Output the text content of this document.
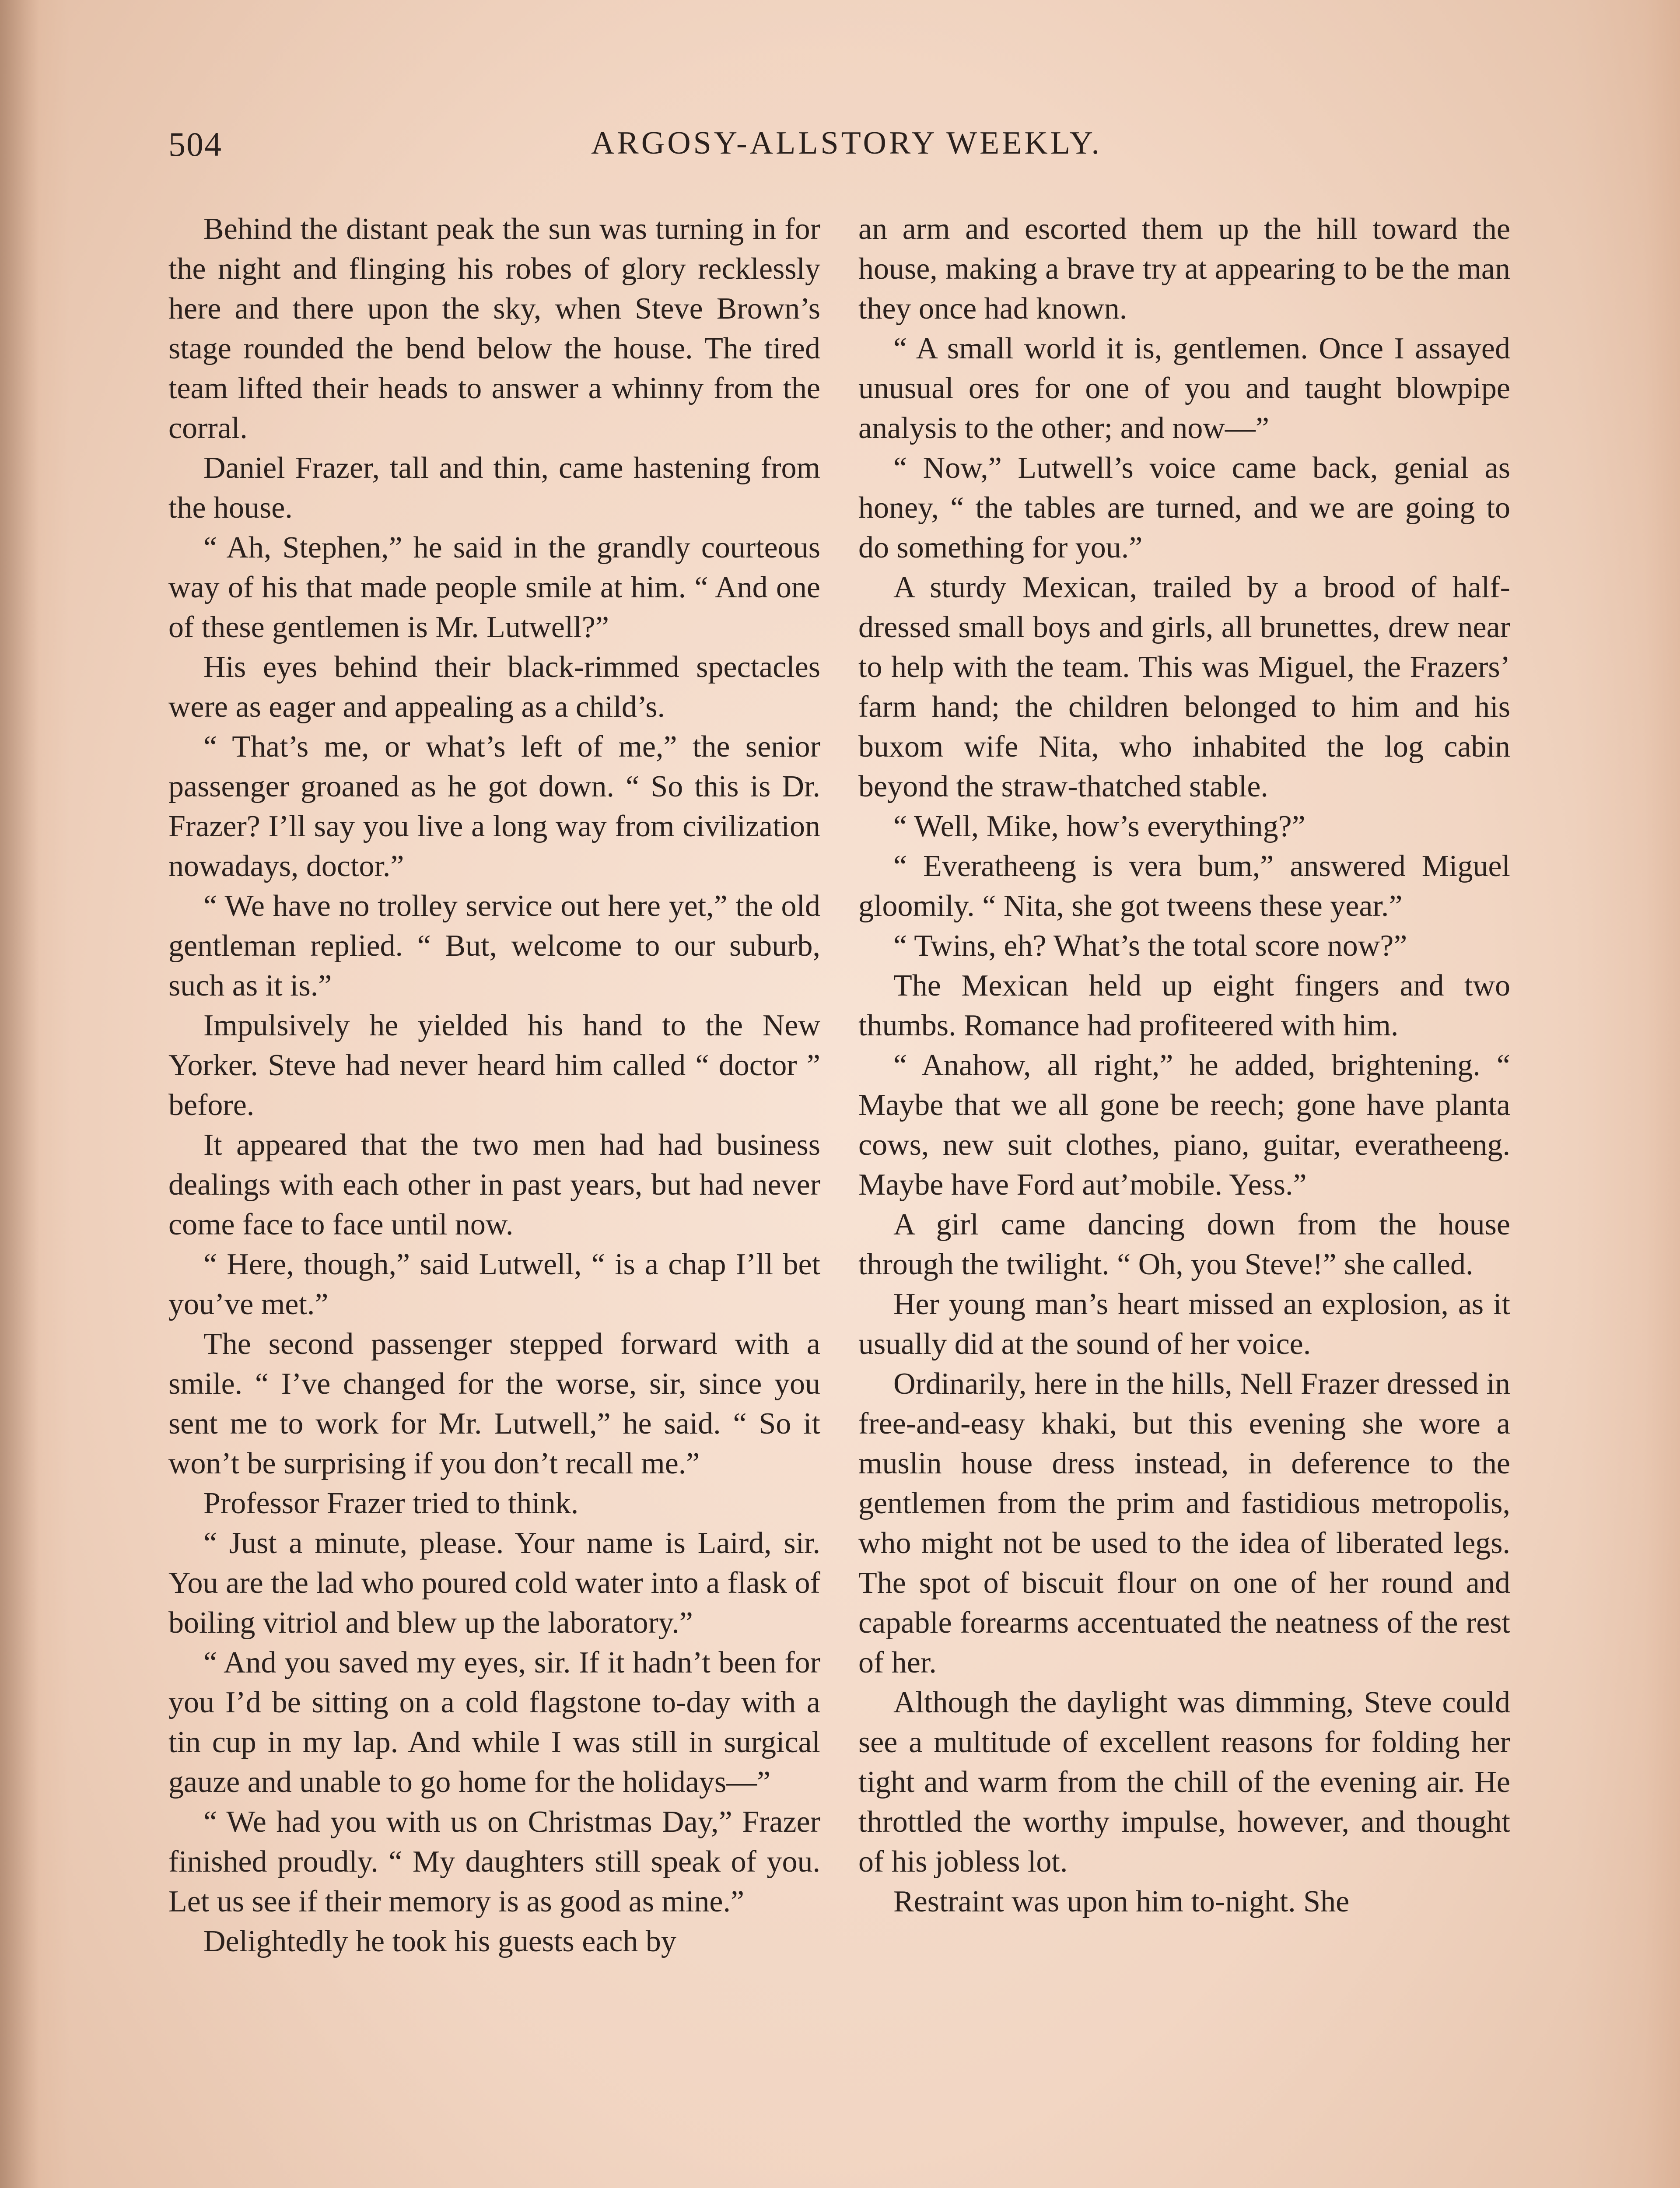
504	ARGOSY-ALLSTORY WEEKLY.

Behind the distant peak the sun was turning in for the night and flinging his robes of glory recklessly here and there upon the sky, when Steve Brown’s stage rounded the bend below the house. The tired team lifted their heads to answer a whinny from the corral.

Daniel Frazer, tall and thin, came hastening from the house.

“ Ah, Stephen,” he said in the grandly courteous way of his that made people smile at him. “ And one of these gentlemen is Mr. Lutwell?”

His eyes behind their black-rimmed spectacles were as eager and appealing as a child’s.

“ That’s me, or what’s left of me,” the senior passenger groaned as he got down. “ So this is Dr. Frazer? I’ll say you live a long way from civilization nowadays, doctor.”

“ We have no trolley service out here yet,” the old gentleman replied. “ But, welcome to our suburb, such as it is.”

Impulsively he yielded his hand to the New Yorker. Steve had never heard him called “ doctor ” before.

It appeared that the two men had had business dealings with each other in past years, but had never come face to face until now.

“ Here, though,” said Lutwell, “ is a chap I’ll bet you’ve met.”

The second passenger stepped forward with a smile. “ I’ve changed for the worse, sir, since you sent me to work for Mr. Lutwell,” he said. “ So it won’t be surprising if you don’t recall me.”

Professor Frazer tried to think.

“ Just a minute, please. Your name is Laird, sir. You are the lad who poured cold water into a flask of boiling vitriol and blew up the laboratory.”

“ And you saved my eyes, sir. If it hadn’t been for you I’d be sitting on a cold flagstone to-day with a tin cup in my lap. And while I was still in surgical gauze and unable to go home for the holidays—”

“ We had you with us on Christmas Day,” Frazer finished proudly. “ My daughters still speak of you. Let us see if their memory is as good as mine.”

Delightedly he took his guests each by

an arm and escorted them up the hill toward the house, making a brave try at appearing to be the man they once had known.

“ A small world it is, gentlemen. Once I assayed unusual ores for one of you and taught blowpipe analysis to the other; and now—”

“ Now,” Lutwell’s voice came back, genial as honey, “ the tables are turned, and we are going to do something for you.”

A sturdy Mexican, trailed by a brood of half-dressed small boys and girls, all brunettes, drew near to help with the team. This was Miguel, the Frazers’ farm hand; the children belonged to him and his buxom wife Nita, who inhabited the log cabin beyond the straw-thatched stable.

“ Well, Mike, how’s everything?”

“ Everatheeng is vera bum,” answered Miguel gloomily. “ Nita, she got tweens these year.”

“ Twins, eh? What’s the total score now?”

The Mexican held up eight fingers and two thumbs. Romance had profiteered with him.

“ Anahow, all right,” he added, brightening. “ Maybe that we all gone be reech; gone have planta cows, new suit clothes, piano, guitar, everatheeng. Maybe have Ford aut’mobile. Yess.”

A girl came dancing down from the house through the twilight. “ Oh, you Steve!” she called.

Her young man’s heart missed an explosion, as it usually did at the sound of her voice.

Ordinarily, here in the hills, Nell Frazer dressed in free-and-easy khaki, but this evening she wore a muslin house dress instead, in deference to the gentlemen from the prim and fastidious metropolis, who might not be used to the idea of liberated legs. The spot of biscuit flour on one of her round and capable forearms accentuated the neatness of the rest of her.

Although the daylight was dimming, Steve could see a multitude of excellent reasons for folding her tight and warm from the chill of the evening air. He throttled the worthy impulse, however, and thought of his jobless lot.

Restraint was upon him to-night. She
